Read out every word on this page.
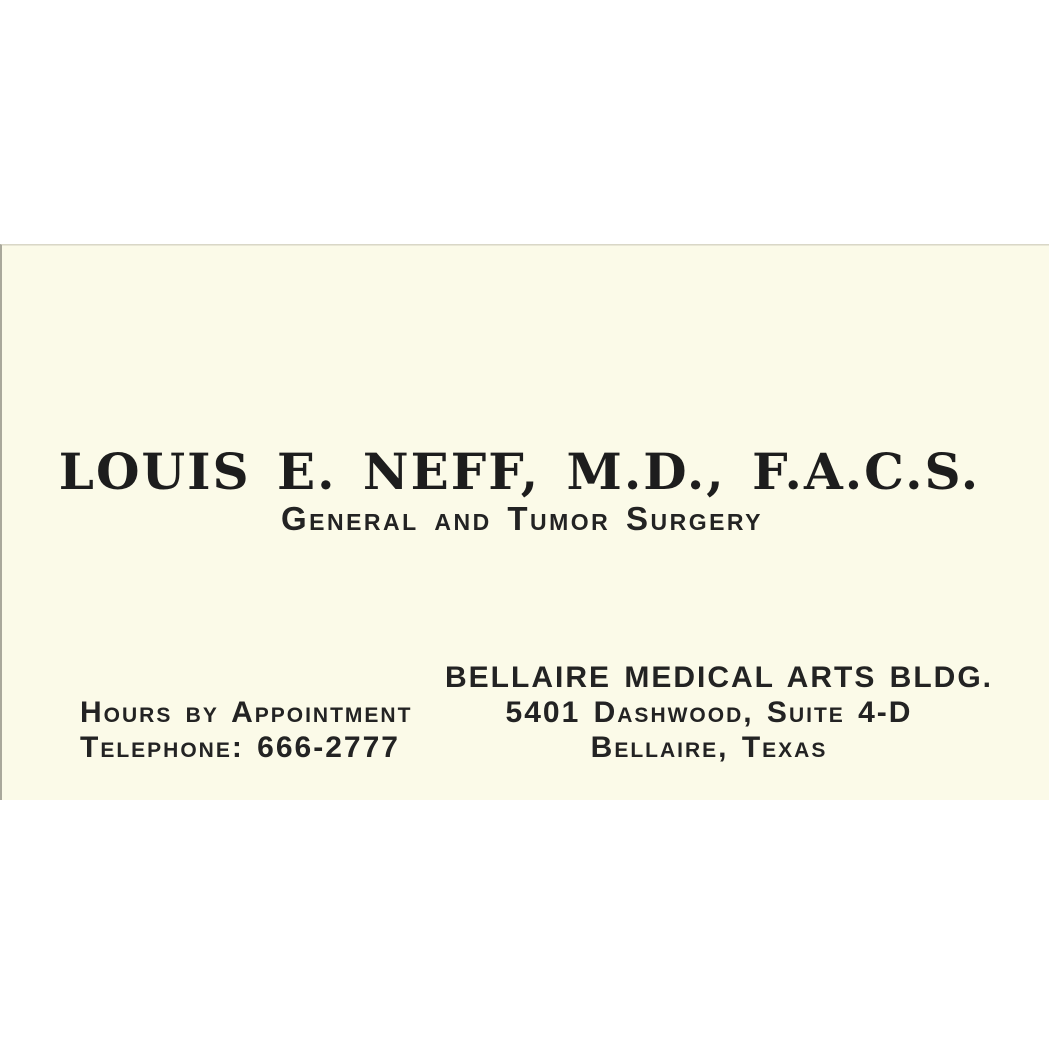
LOUIS E. NEFF, M.D., F.A.C.S.
General and Tumor Surgery
Hours by Appointment
Telephone: 666-2777
BELLAIRE MEDICAL ARTS BLDG.
5401 Dashwood, Suite 4-D
Bellaire, Texas
